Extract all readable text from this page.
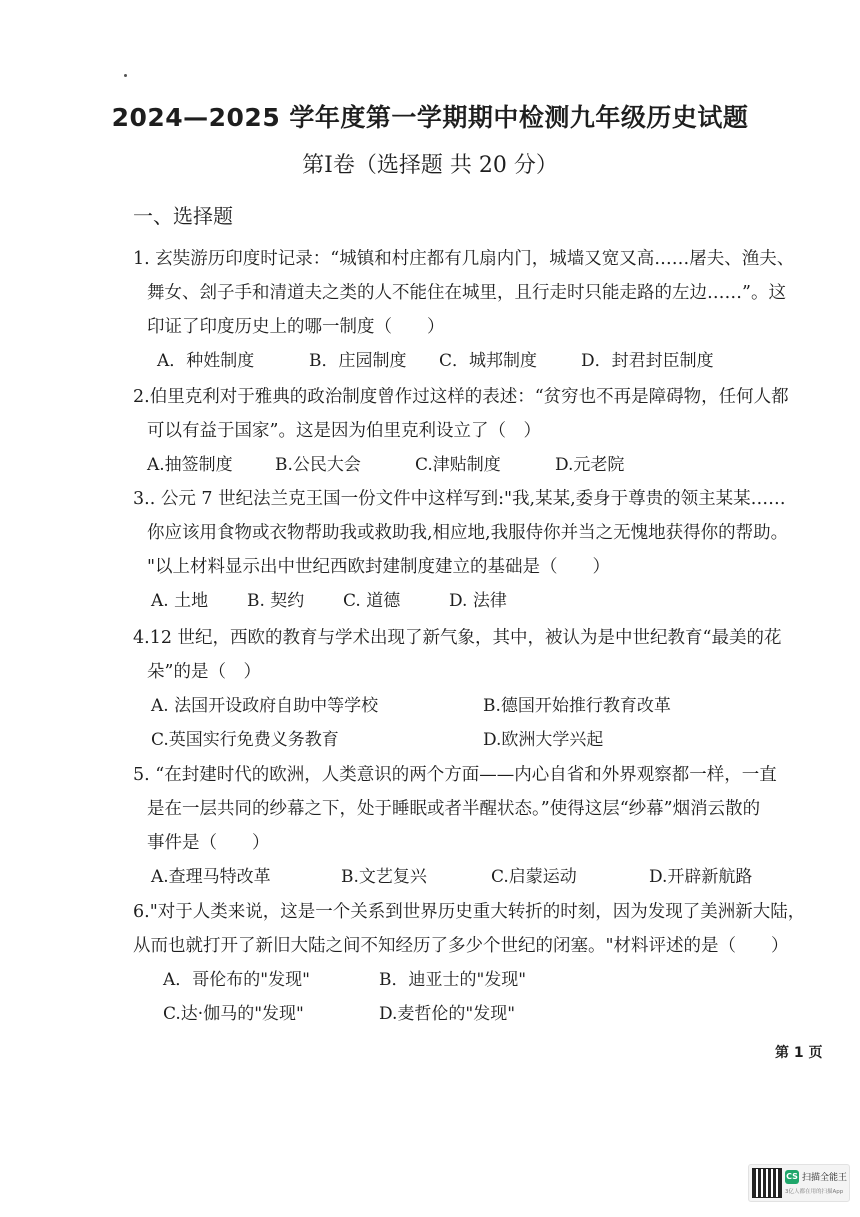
2024—2025 学年度第一学期期中检测九年级历史试题
第Ⅰ卷（选择题 共 20 分）
一、选择题
1. 玄奘游历印度时记录：“城镇和村庄都有几扇内门，城墙又宽又高……屠夫、渔夫、
舞女、刽子手和清道夫之类的人不能住在城里，且行走时只能走路的左边……”。这
印证了印度历史上的哪一制度（　　）
A．种姓制度	B．庄园制度 C．城邦制度	D．封君封臣制度
2.伯里克利对于雅典的政治制度曾作过这样的表述：“贫穷也不再是障碍物，任何人都
可以有益于国家”。这是因为伯里克利设立了（　）
A.抽签制度 B.公民大会	C.津贴制度	D.元老院
3.. 公元 7 世纪法兰克王国一份文件中这样写到:"我,某某,委身于尊贵的领主某某……
你应该用食物或衣物帮助我或救助我,相应地,我服侍你并当之无愧地获得你的帮助。
"以上材料显示出中世纪西欧封建制度建立的基础是（　　）
A. 土地 B. 契约 C. 道德	D. 法律
4.12 世纪，西欧的教育与学术出现了新气象，其中，被认为是中世纪教育“最美的花
朵”的是（　）
A. 法国开设政府自助中等学校	B.德国开始推行教育改革
C.英国实行免费义务教育	D.欧洲大学兴起
5. “在封建时代的欧洲，人类意识的两个方面——内心自省和外界观察都一样，一直
是在一层共同的纱幕之下，处于睡眠或者半醒状态。”使得这层“纱幕”烟消云散的
事件是（　　）
A.查理马特改革	B.文艺复兴	C.启蒙运动	D.开辟新航路
6."对于人类来说，这是一个关系到世界历史重大转折的时刻，因为发现了美洲新大陆，
从而也就打开了新旧大陆之间不知经历了多少个世纪的闭塞。"材料评述的是（　　）
A．哥伦布的"发现"	B．迪亚士的"发现"
C.达·伽马的"发现"	D.麦哲伦的"发现"
第 1 页
CS 扫描全能王
3亿人都在用的扫描App
